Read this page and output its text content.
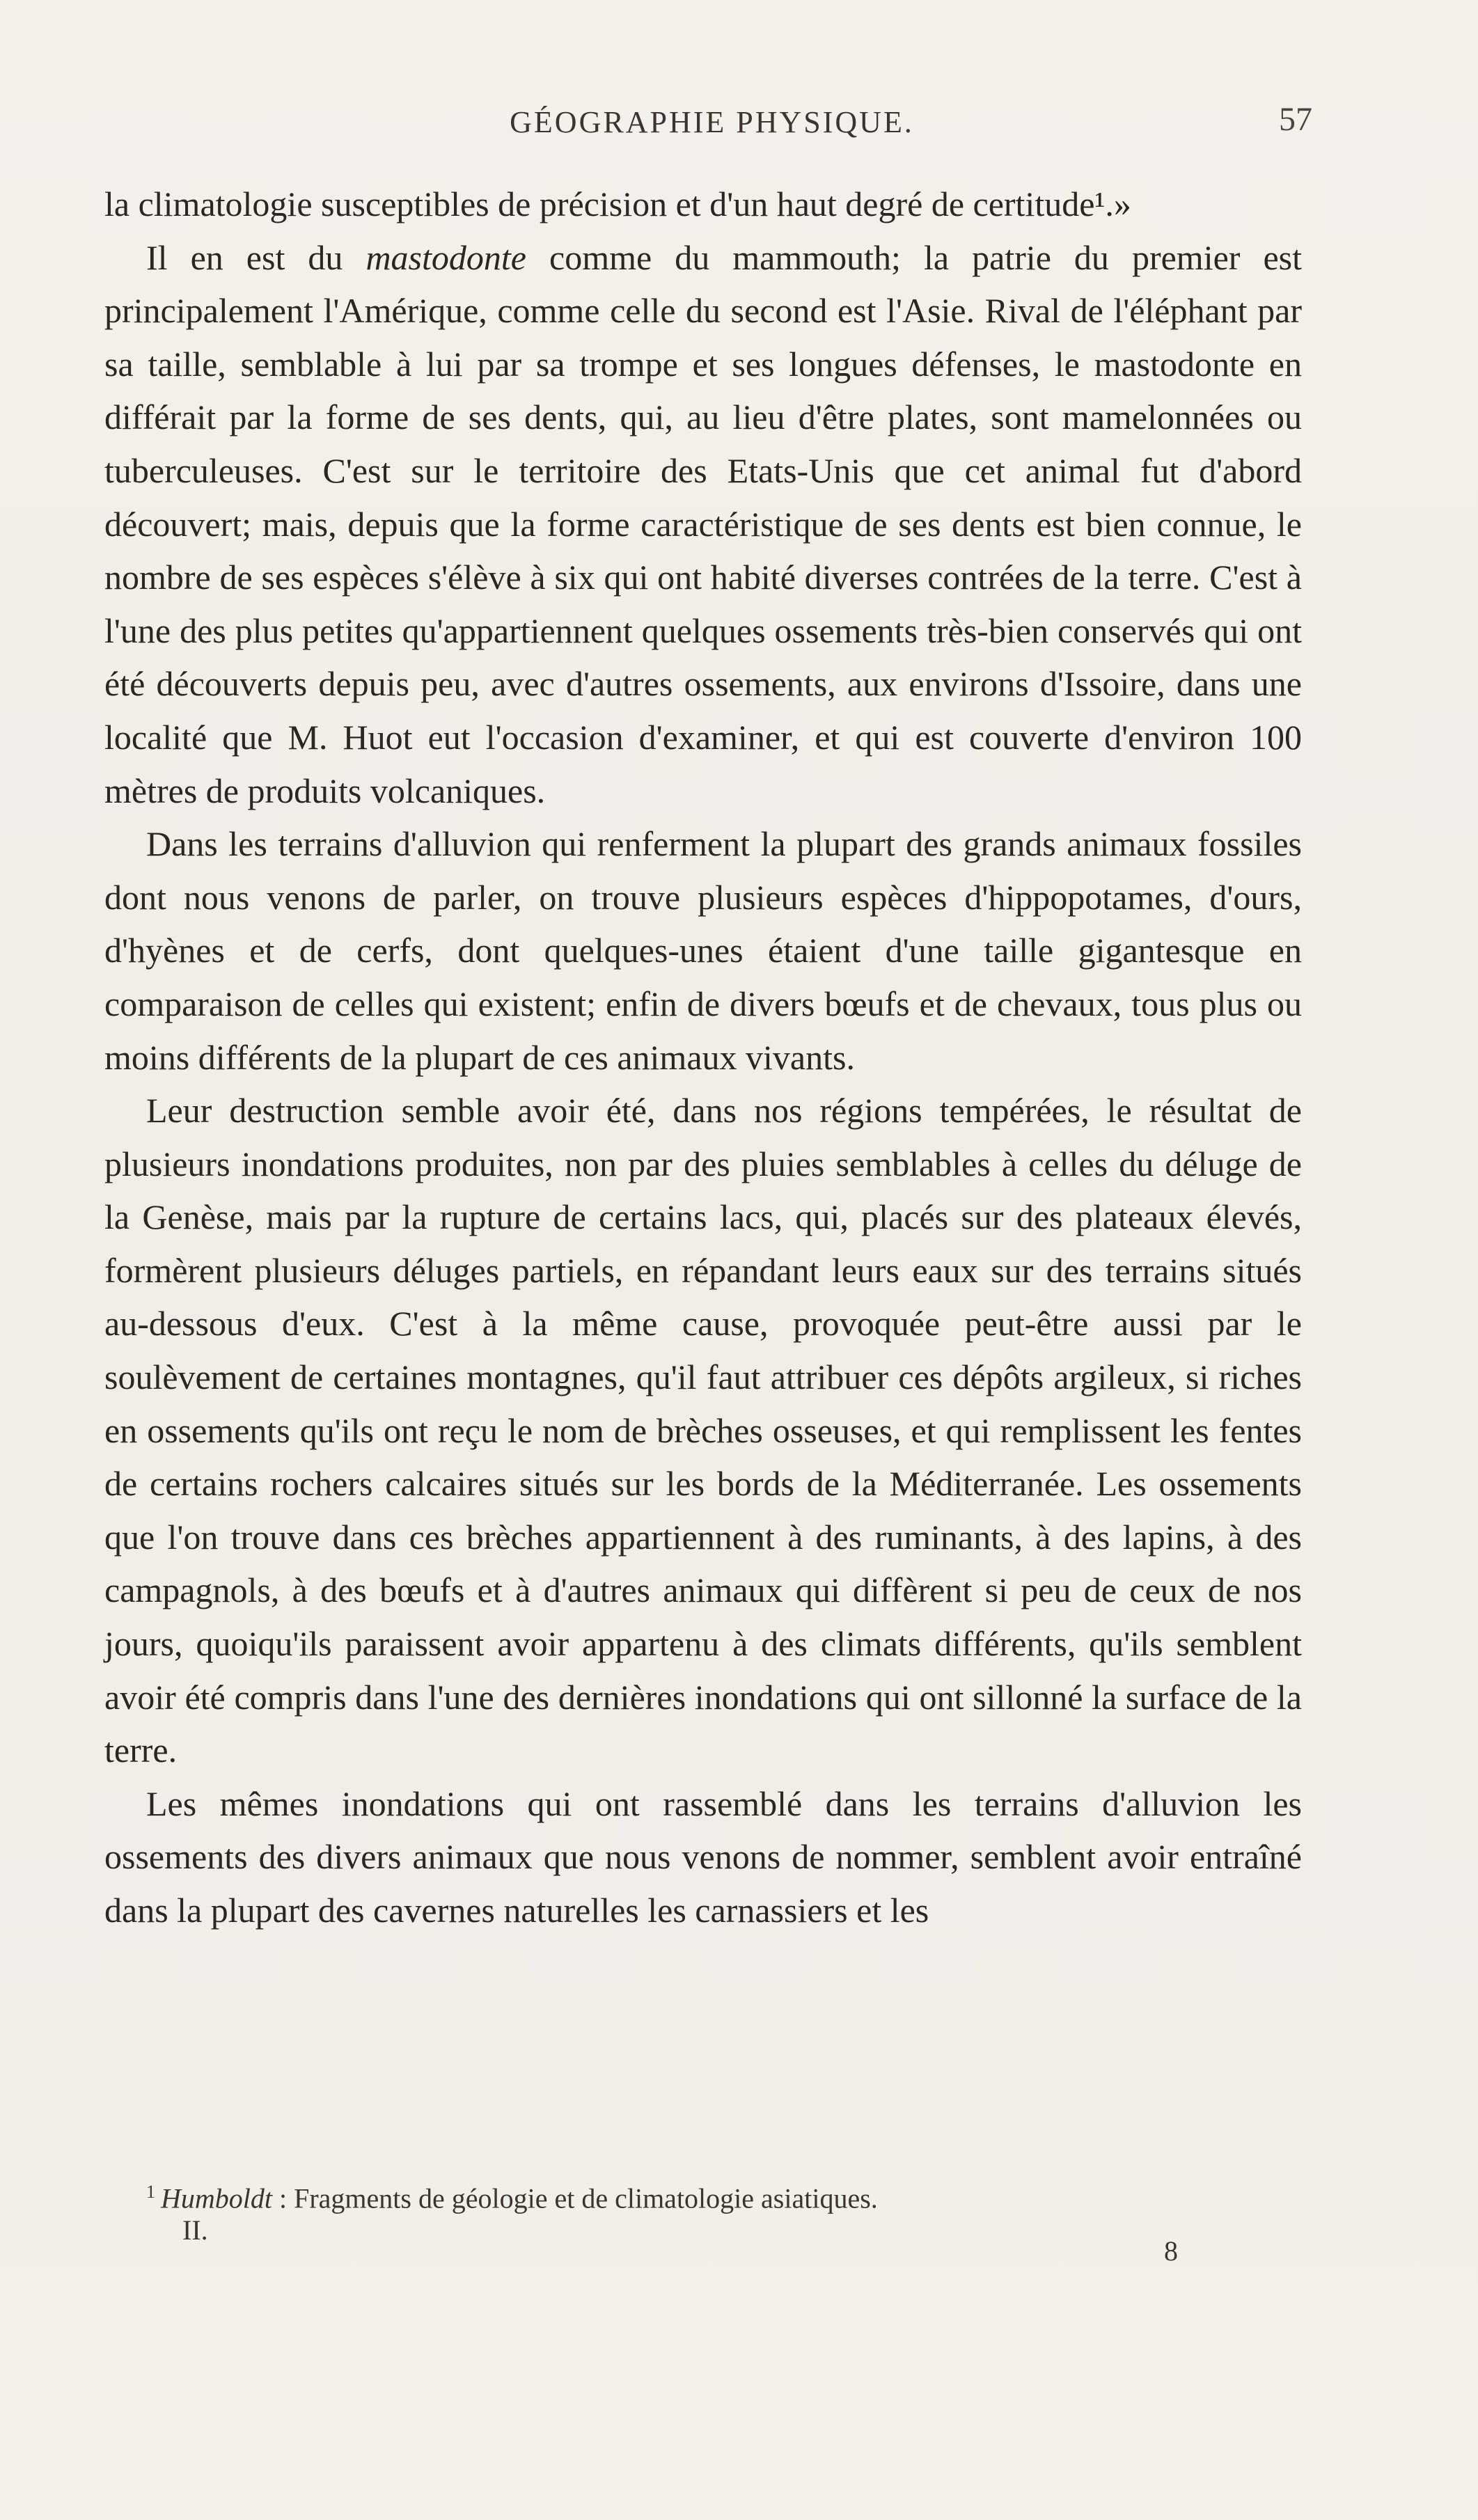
GÉOGRAPHIE PHYSIQUE.	57

la climatologie susceptibles de précision et d'un haut degré de certitude¹.»

Il en est du mastodonte comme du mammouth; la patrie du premier est principalement l'Amérique, comme celle du second est l'Asie. Rival de l'éléphant par sa taille, semblable à lui par sa trompe et ses longues défenses, le mastodonte en différait par la forme de ses dents, qui, au lieu d'être plates, sont mamelonnées ou tuberculeuses. C'est sur le territoire des Etats-Unis que cet animal fut d'abord découvert; mais, depuis que la forme caractéristique de ses dents est bien connue, le nombre de ses espèces s'élève à six qui ont habité diverses contrées de la terre. C'est à l'une des plus petites qu'appartiennent quelques ossements très-bien conservés qui ont été découverts depuis peu, avec d'autres ossements, aux environs d'Issoire, dans une localité que M. Huot eut l'occasion d'examiner, et qui est couverte d'environ 100 mètres de produits volcaniques.

Dans les terrains d'alluvion qui renferment la plupart des grands animaux fossiles dont nous venons de parler, on trouve plusieurs espèces d'hippopotames, d'ours, d'hyènes et de cerfs, dont quelques-unes étaient d'une taille gigantesque en comparaison de celles qui existent; enfin de divers bœufs et de chevaux, tous plus ou moins différents de la plupart de ces animaux vivants.

Leur destruction semble avoir été, dans nos régions tempérées, le résultat de plusieurs inondations produites, non par des pluies semblables à celles du déluge de la Genèse, mais par la rupture de certains lacs, qui, placés sur des plateaux élevés, formèrent plusieurs déluges partiels, en répandant leurs eaux sur des terrains situés au-dessous d'eux. C'est à la même cause, provoquée peut-être aussi par le soulèvement de certaines montagnes, qu'il faut attribuer ces dépôts argileux, si riches en ossements qu'ils ont reçu le nom de brèches osseuses, et qui remplissent les fentes de certains rochers calcaires situés sur les bords de la Méditerranée. Les ossements que l'on trouve dans ces brèches appartiennent à des ruminants, à des lapins, à des campagnols, à des bœufs et à d'autres animaux qui diffèrent si peu de ceux de nos jours, quoiqu'ils paraissent avoir appartenu à des climats différents, qu'ils semblent avoir été compris dans l'une des dernières inondations qui ont sillonné la surface de la terre.

Les mêmes inondations qui ont rassemblé dans les terrains d'alluvion les ossements des divers animaux que nous venons de nommer, semblent avoir entraîné dans la plupart des cavernes naturelles les carnassiers et les

$^1$ Humboldt : Fragments de géologie et de climatologie asiatiques.
II.
8
